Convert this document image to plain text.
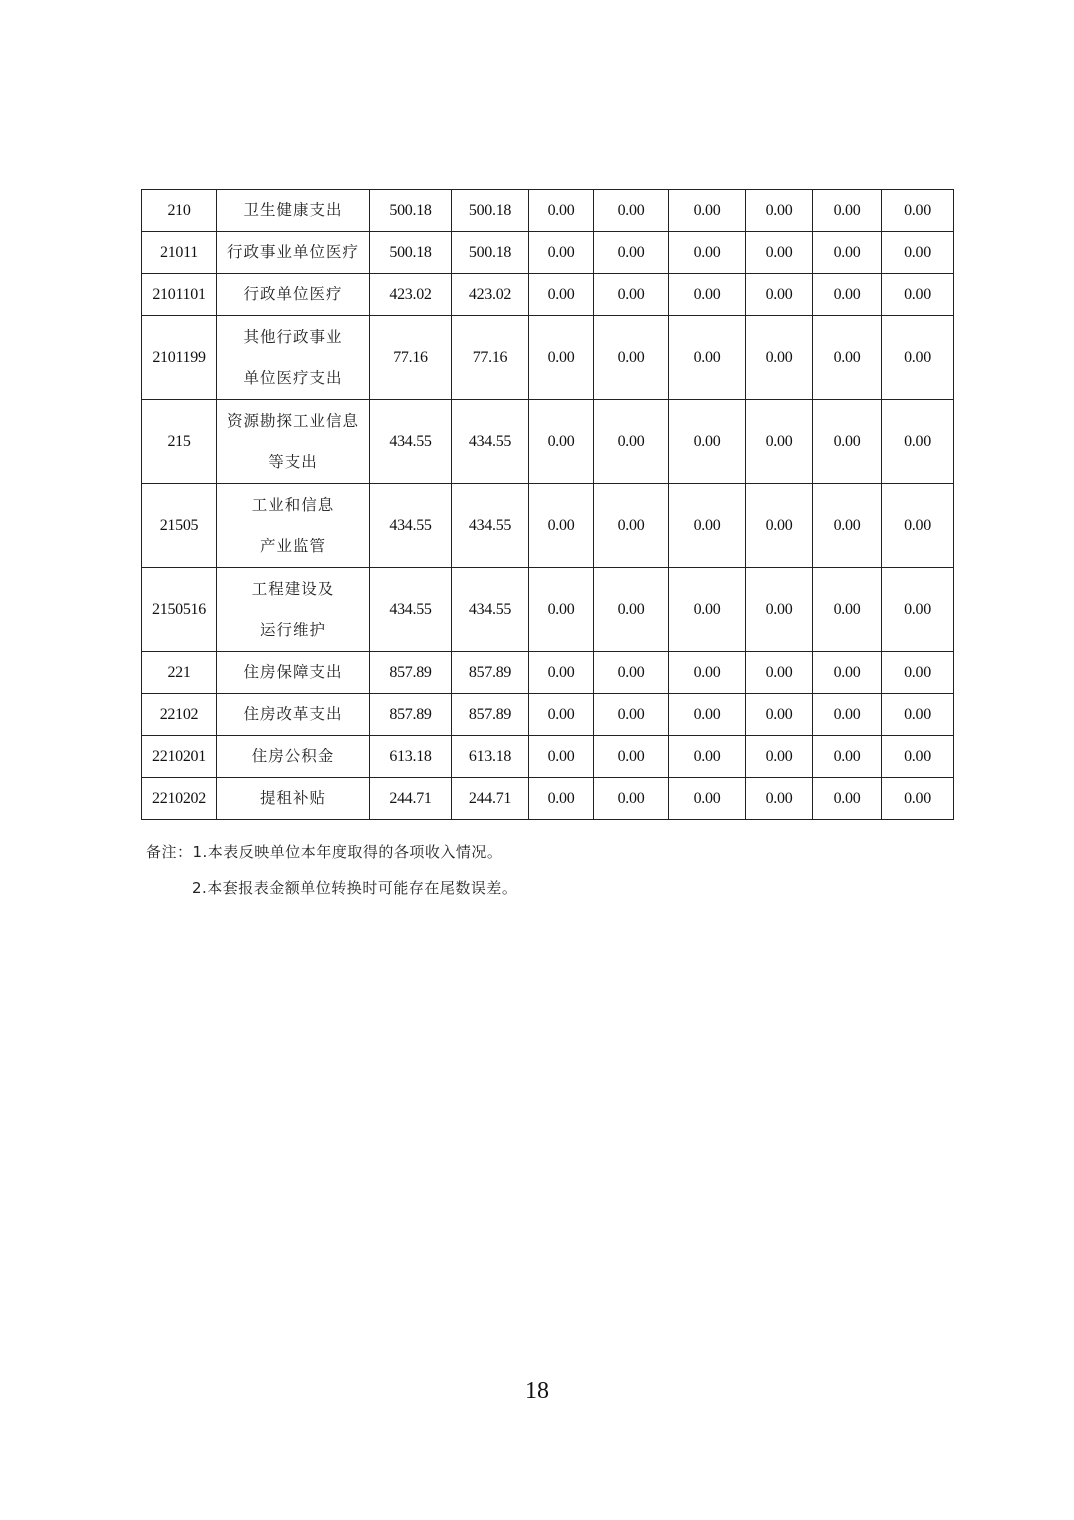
210	卫生健康支出	500.18	500.18	0.00	0.00	0.00	0.00	0.00	0.00
21011	行政事业单位医疗	500.18	500.18	0.00	0.00	0.00	0.00	0.00	0.00
2101101	行政单位医疗	423.02	423.02	0.00	0.00	0.00	0.00	0.00	0.00
2101199	其他行政事业
单位医疗支出	77.16	77.16	0.00	0.00	0.00	0.00	0.00	0.00
215	资源勘探工业信息
等支出	434.55	434.55	0.00	0.00	0.00	0.00	0.00	0.00
21505	工业和信息
产业监管	434.55	434.55	0.00	0.00	0.00	0.00	0.00	0.00
2150516	工程建设及
运行维护	434.55	434.55	0.00	0.00	0.00	0.00	0.00	0.00
221	住房保障支出	857.89	857.89	0.00	0.00	0.00	0.00	0.00	0.00
22102	住房改革支出	857.89	857.89	0.00	0.00	0.00	0.00	0.00	0.00
2210201	住房公积金	613.18	613.18	0.00	0.00	0.00	0.00	0.00	0.00
2210202	提租补贴	244.71	244.71	0.00	0.00	0.00	0.00	0.00	0.00
备注：1.本表反映单位本年度取得的各项收入情况。
2.本套报表金额单位转换时可能存在尾数误差。
18
